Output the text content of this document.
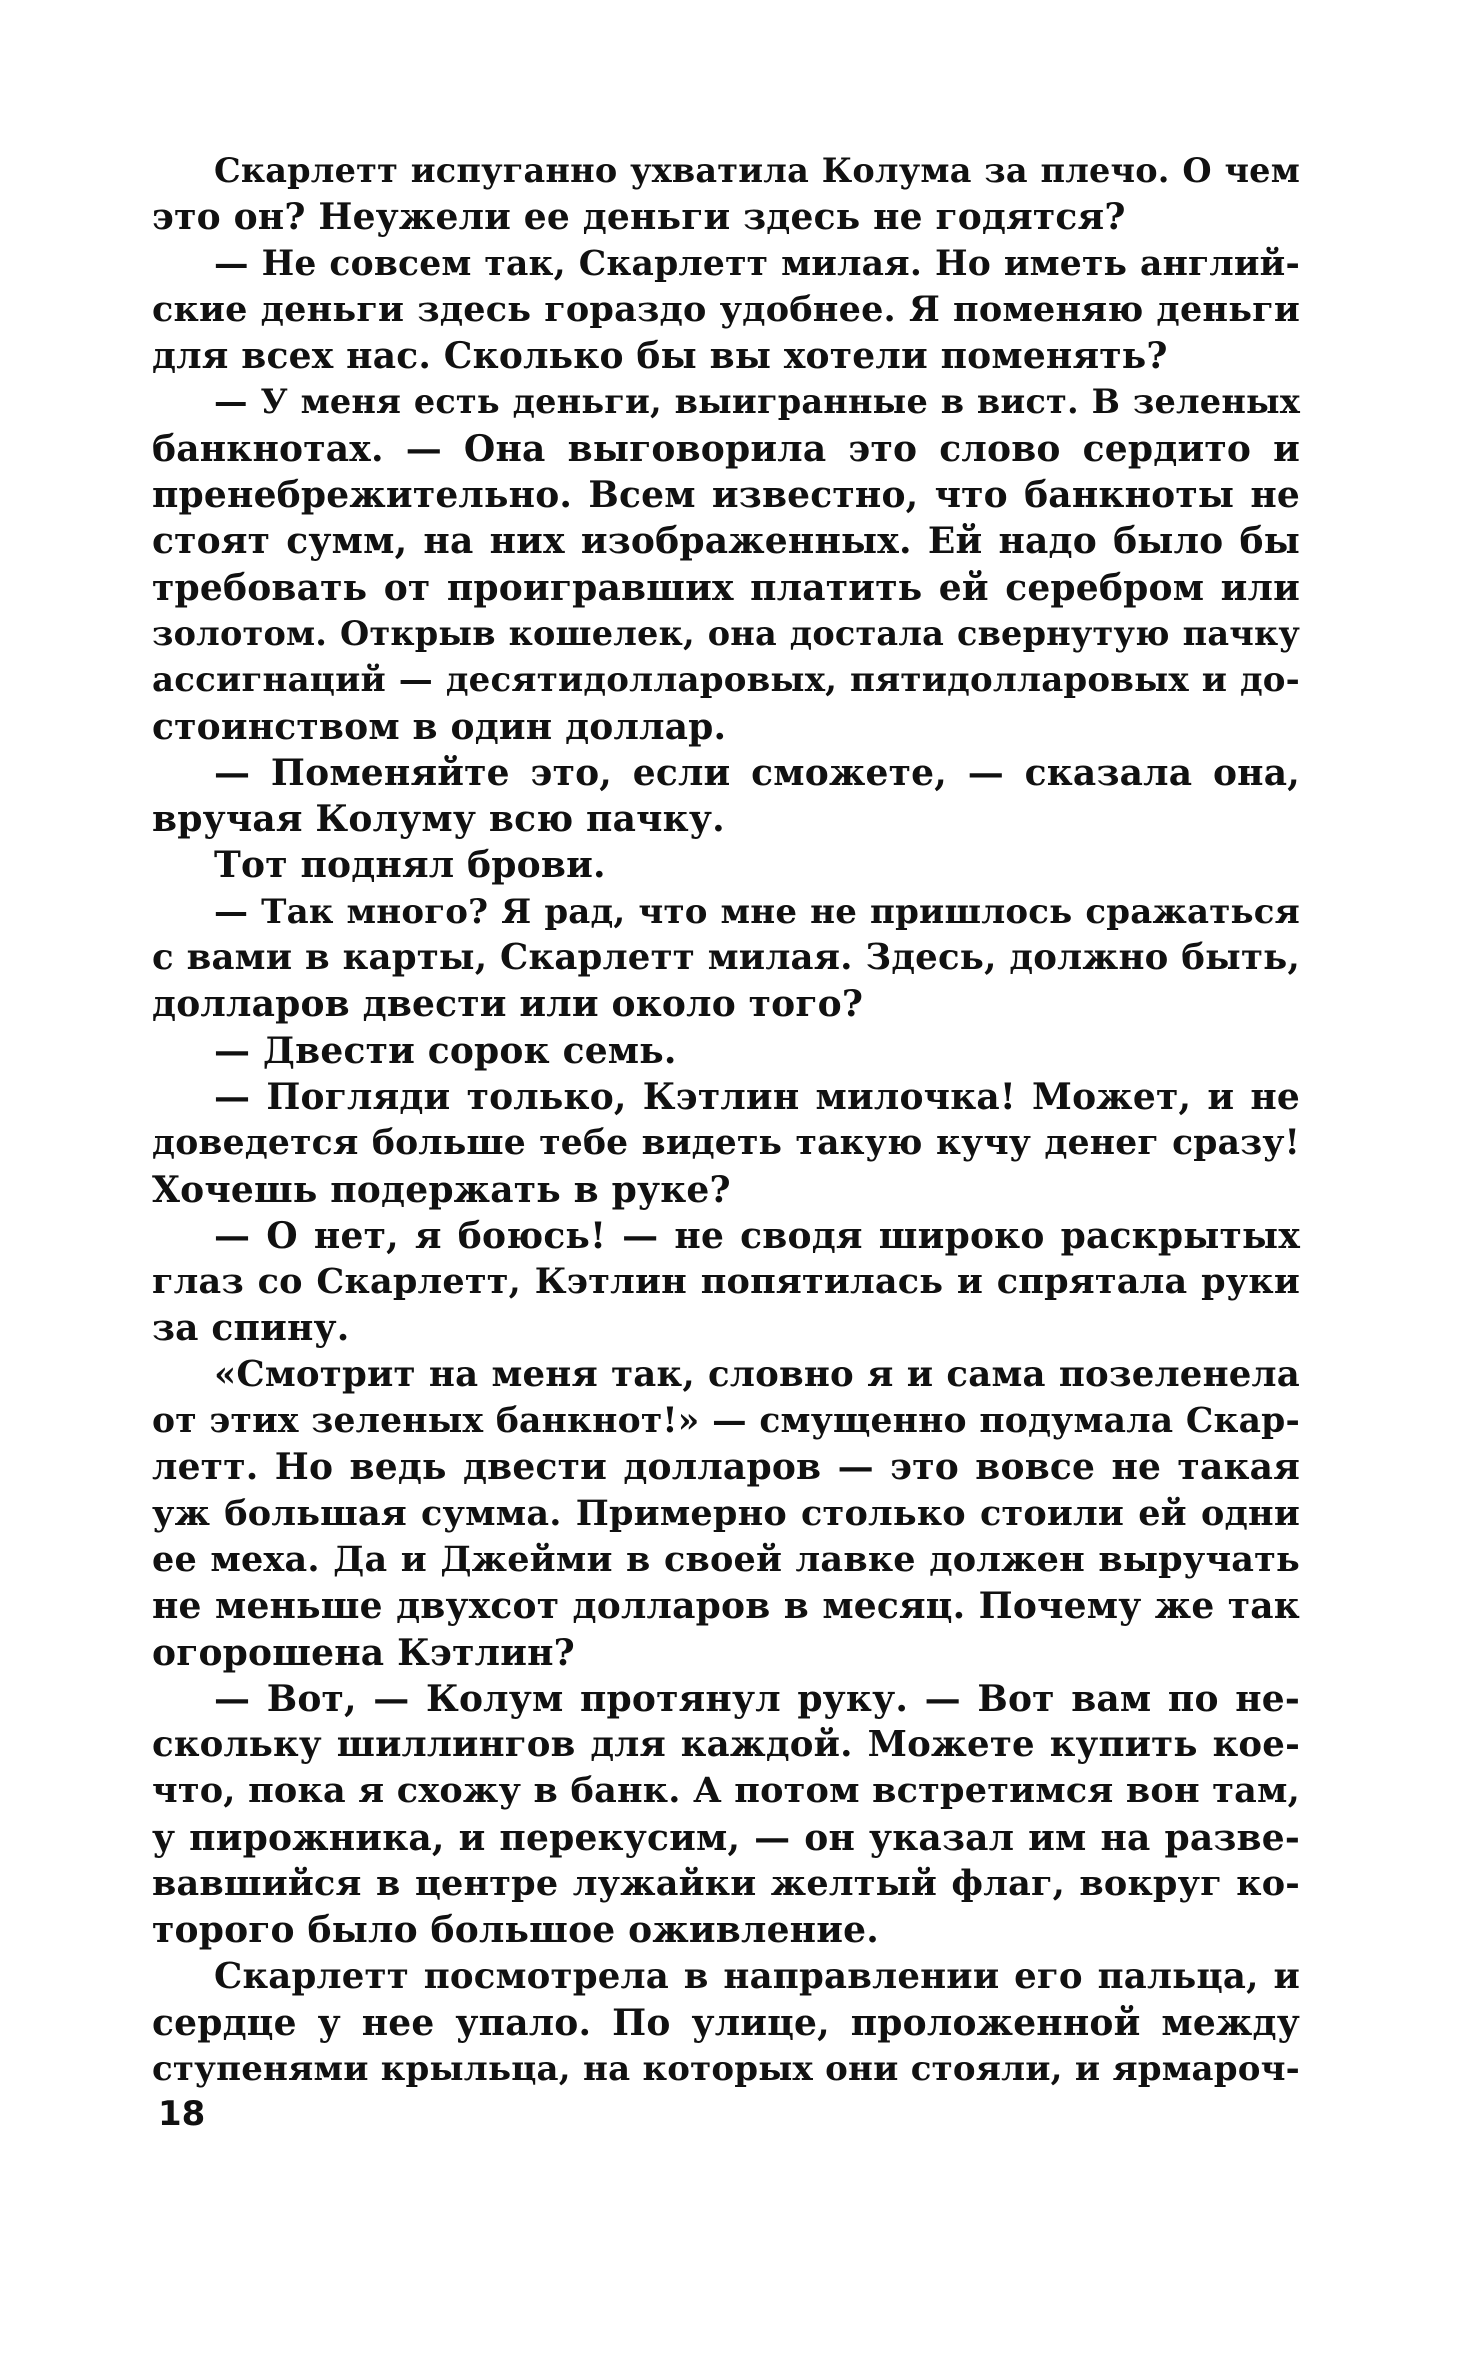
Скарлетт испуганно ухватила Колума за плечо. О чем
это он? Неужели ее деньги здесь не годятся?
— Не совсем так, Скарлетт милая. Но иметь англий-
ские деньги здесь гораздо удобнее. Я поменяю деньги
для всех нас. Сколько бы вы хотели поменять?
— У меня есть деньги, выигранные в вист. В зеленых
банкнотах. — Она выговорила это слово сердито и
пренебрежительно. Всем известно, что банкноты не
стоят сумм, на них изображенных. Ей надо было бы
требовать от проигравших платить ей серебром или
золотом. Открыв кошелек, она достала свернутую пачку
ассигнаций — десятидолларовых, пятидолларовых и до-
стоинством в один доллар.
— Поменяйте это, если сможете, — сказала она,
вручая Колуму всю пачку.
Тот поднял брови.
— Так много? Я рад, что мне не пришлось сражаться
с вами в карты, Скарлетт милая. Здесь, должно быть,
долларов двести или около того?
— Двести сорок семь.
— Погляди только, Кэтлин милочка! Может, и не
доведется больше тебе видеть такую кучу денег сразу!
Хочешь подержать в руке?
— О нет, я боюсь! — не сводя широко раскрытых
глаз со Скарлетт, Кэтлин попятилась и спрятала руки
за спину.
«Смотрит на меня так, словно я и сама позеленела
от этих зеленых банкнот!» — смущенно подумала Скар-
летт. Но ведь двести долларов — это вовсе не такая
уж большая сумма. Примерно столько стоили ей одни
ее меха. Да и Джейми в своей лавке должен выручать
не меньше двухсот долларов в месяц. Почему же так
огорошена Кэтлин?
— Вот, — Колум протянул руку. — Вот вам по не-
скольку шиллингов для каждой. Можете купить кое-
что, пока я схожу в банк. А потом встретимся вон там,
у пирожника, и перекусим, — он указал им на разве-
вавшийся в центре лужайки желтый флаг, вокруг ко-
торого было большое оживление.
Скарлетт посмотрела в направлении его пальца, и
сердце у нее упало. По улице, проложенной между
ступенями крыльца, на которых они стояли, и ярмароч-
18
